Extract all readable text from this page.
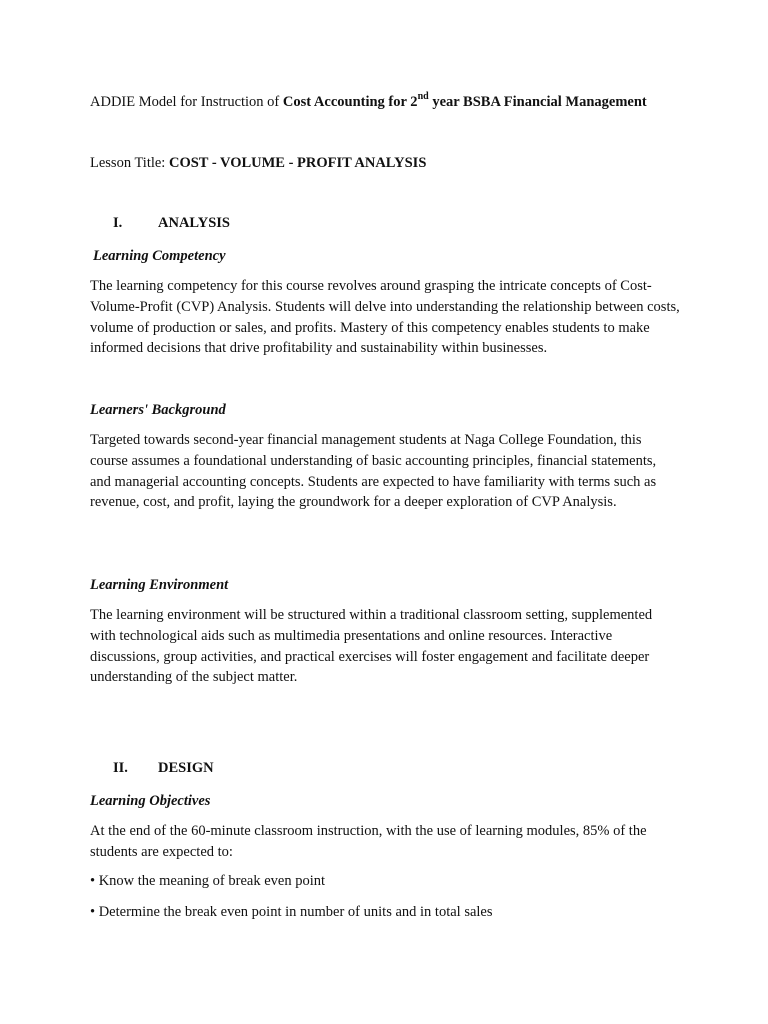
ADDIE Model for Instruction of Cost Accounting for 2nd year BSBA Financial Management
Lesson Title: COST - VOLUME - PROFIT ANALYSIS
I. ANALYSIS
Learning Competency
The learning competency for this course revolves around grasping the intricate concepts of Cost-Volume-Profit (CVP) Analysis. Students will delve into understanding the relationship between costs, volume of production or sales, and profits. Mastery of this competency enables students to make informed decisions that drive profitability and sustainability within businesses.
Learners' Background
Targeted towards second-year financial management students at Naga College Foundation, this course assumes a foundational understanding of basic accounting principles, financial statements, and managerial accounting concepts. Students are expected to have familiarity with terms such as revenue, cost, and profit, laying the groundwork for a deeper exploration of CVP Analysis.
Learning Environment
The learning environment will be structured within a traditional classroom setting, supplemented with technological aids such as multimedia presentations and online resources. Interactive discussions, group activities, and practical exercises will foster engagement and facilitate deeper understanding of the subject matter.
II. DESIGN
Learning Objectives
At the end of the 60-minute classroom instruction, with the use of learning modules, 85% of the students are expected to:
• Know the meaning of break even point
• Determine the break even point in number of units and in total sales
